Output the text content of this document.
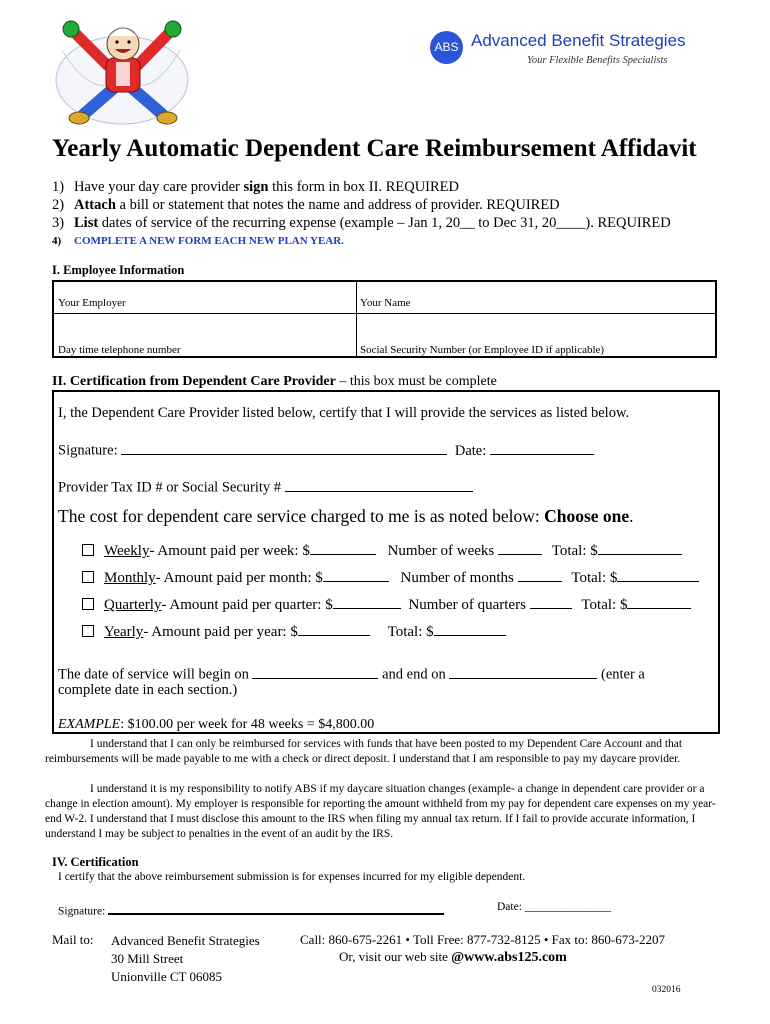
ABS Advanced Benefit Strategies
Your Flexible Benefits Specialists
Yearly Automatic Dependent Care Reimbursement Affidavit
1) Have your day care provider sign this form in box II. REQUIRED
2) Attach a bill or statement that notes the name and address of provider. REQUIRED
3) List dates of service of the recurring expense (example – Jan 1, 20__ to Dec 31, 20____). REQUIRED
4) COMPLETE A NEW FORM EACH NEW PLAN YEAR.
I. Employee Information
Your Employer	Your Name
Day time telephone number	Social Security Number (or Employee ID if applicable)
II. Certification from Dependent Care Provider – this box must be complete
I, the Dependent Care Provider listed below, certify that I will provide the services as listed below.
Signature:	Date:
Provider Tax ID # or Social Security #
The cost for dependent care service charged to me is as noted below: Choose one.
Weekly- Amount paid per week: $	Number of weeks	Total: $
Monthly- Amount paid per month: $	Number of months	Total: $
Quarterly- Amount paid per quarter: $	Number of quarters	Total: $
Yearly- Amount paid per year: $	Total: $
The date of service will begin on	and end on	(enter a
complete date in each section.)
EXAMPLE: $100.00 per week for 48 weeks = $4,800.00
I understand that I can only be reimbursed for services with funds that have been posted to my Dependent Care Account and that reimbursements will be made payable to me with a check or direct deposit. I understand that I am responsible to pay my daycare provider.
I understand it is my responsibility to notify ABS if my daycare situation changes (example- a change in dependent care provider or a change in election amount). My employer is responsible for reporting the amount withheld from my pay for dependent care expenses on my year-end W-2. I understand that I must disclose this amount to the IRS when filing my annual tax return. If I fail to provide accurate information, I understand I may be subject to penalties in the event of an audit by the IRS.
IV. Certification
I certify that the above reimbursement submission is for expenses incurred for my eligible dependent.
Signature:	Date: _______________
Mail to: Advanced Benefit Strategies
30 Mill Street
Unionville CT 06085
Call: 860-675-2261 • Toll Free: 877-732-8125 • Fax to: 860-673-2207
Or, visit our web site @www.abs125.com
032016
